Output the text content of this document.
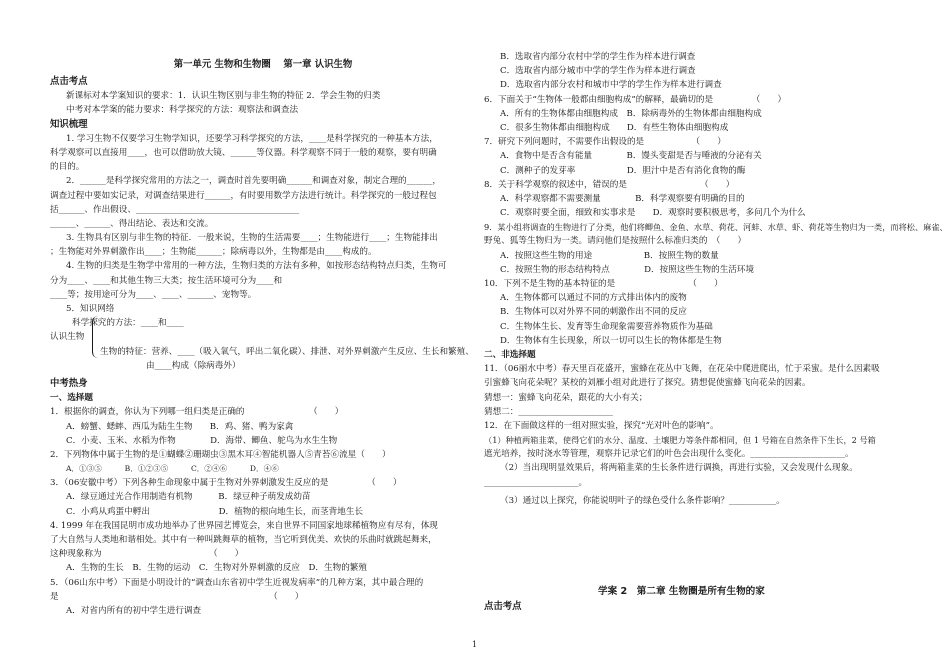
第一单元 生物和生物圈　 第一章 认识生物
点击考点
新课标对本学案知识的要求：1．认识生物区别与非生物的特征 2．学会生物的归类
中考对本学案的能力要求：科学探究的方法：观察法和调查法
知识梳理
1. 学习生物不仅要学习生物学知识，还要学习科学探究的方法，____是科学探究的一种基本方法，
科学观察可以直接用____，也可以借助放大镜、______等仪器。科学观察不同于一般的观察，要有明确
的目的。
2．______是科学探究常用的方法之一，调查时首先要明确______和调查对象，制定合理的______，
调查过程中要如实记录，对调查结果进行______，有时要用数学方法进行统计。科学探究的一般过程包
括______、作出假设、______________________________________
______、______、得出结论、表达和交流。
3. 生物具有区别与非生物的特征．一般来说，生物的生活需要____；生物能进行____；生物能排出
；生物能对外界刺激作出____；生物能______；除病毒以外，生物都是由____构成的。
4. 生物的归类是生物学中常用的一种方法，生物归类的方法有多种，如按形态结构特点归类，生物可
分为____、____和其他生物三大类；按生活环境可分为____和
____等；按用途可分为____、____、______、宠物等。
5．知识网络
科学探究的方法：____和____
认识生物
生物的特征：营养、____（吸入氧气，呼出二氧化碳）、排泄、对外界刺激产生反应、生长和繁殖、
由____构成（除病毒外）
中考热身
一、选择题
1．根据你的调查，你认为下列哪一组归类是正确的　　　　　　　　（　　）
A．螃蟹、蟋蟀、西瓜为陆生生物　　B．鸡、猪、鸭为家禽
C．小麦、玉米、水稻为作物　　　　D．海带、鲫鱼、鸵鸟为水生生物
2．下列物体中属于生物的是①蝴蝶②珊瑚虫③黑木耳④智能机器人⑤青苔⑥流星（　　）
A．①③⑤　　　B．①②③⑤　　　C．②④⑥　　　D．④⑥
3．（06安徽中考）下列各种生命现象中属于生物对外界刺激发生反应的是　　　　　（　　）
A．绿豆通过光合作用制造有机物　　　B．绿豆种子萌发成幼苗
C．小鸡从鸡蛋中孵出　　　　　　　　D．植物的根向地生长，而茎背地生长
4. 1999 年在我国昆明市成功地举办了世界园艺博览会，来自世界不同国家地球稀植物应有尽有，体现
了大自然与人类地和谐相处。其中有一种叫跳舞草的植物，当它听到优美、欢快的乐曲时就跳起舞来，
这种现象称为　　　　　　　　　　　　　（　　）
A．生物的生长　B．生物的运动　C．生物对外界刺激的反应　D．生物的繁殖
5．（06山东中考）下面是小明设计的“调查山东省初中学生近视发病率”的几种方案，其中最合理的
是　　　　　　　　　　　　　　　　　　　　　　　　　（　　）
A．对省内所有的初中学生进行调查
B．选取省内部分农村中学的学生作为样本进行调查
C．选取省内部分城市中学的学生作为样本进行调查
D．选取省内部分农村和城市中学的学生作为样本进行调查
6．下面关于“生物体一般都由细胞构成”的解释，最确切的是　　　　　（　　）
A．所有的生物体都由细胞构成　B．除病毒外的生物体都由细胞构成
C．很多生物体都由细胞构成　　D．有些生物体由细胞构成
7．研究下列问题时，不需要作出假设的是　　　　　　（　　）
A．食物中是否含有能量　　　　B．馒头变甜是否与唾液的分泌有关
C．测种子的发芽率　　　　　　D．胆汁中是否有消化食物的酶
8．关于科学观察的叙述中，错误的是　　　　　　　　　（　　）
A．科学观察都不需要测量　　　　B．科学观察要有明确的目的
C．观察时要全面，细致和实事求是　　D．观察时要积极思考，多问几个为什么
9．某小组将调查的生物进行了分类，他们将鲫鱼、金鱼、水草、荷花、河蚌、水草、虾、荷花等生物归为一类，而将松、麻雀、
野兔、狐等生物归为一类。请问他们是按照什么标准归类的　（　　）
A．按照这些生物的用途　　　　　　B．按照生物的数量
C．按照生物的形态结构特点　　　　D．按照这些生物的生活环境
10．下列不是生物的基本特征的是　　　　　　　　　（　　）
A．生物体都可以通过不同的方式排出体内的废物
B．生物体可以对外界不同的刺激作出不同的反应
C．生物体生长、发育等生命现象需要营养物质作为基础
D．生物体有生长现象，所以一切可以生长的物体都是生物
二、非选择题
11．（06丽水中考）春天里百花盛开，蜜蜂在花丛中飞舞，在花朵中爬进爬出，忙于采蜜。是什么因素吸
引蜜蜂飞向花朵呢？某校的刘雁小组对此进行了探究。猜想促使蜜蜂飞向花朵的因素。
猜想一：蜜蜂飞向花朵，跟花的大小有关；
猜想二：______________________
12．在下面做这样的一组对照实验，探究“光对叶色的影响”。
（1）种植两箱韭菜，使得它们的水分、温度、土壤肥力等条件都相同，但 1 号箱在自然条件下生长，2 号箱
遮光培养，按时浇水等管理，观察并记录它们的叶色会出现什么变化。______________________。
（2）当出现明显效果后，将两箱韭菜的生长条件进行调换，再进行实验，又会发现什么现象。
______________________。
（3）通过以上探究，你能说明叶子的绿色受什么条件影响？___________。
学案 2　第二章 生物圈是所有生物的家
点击考点
1
